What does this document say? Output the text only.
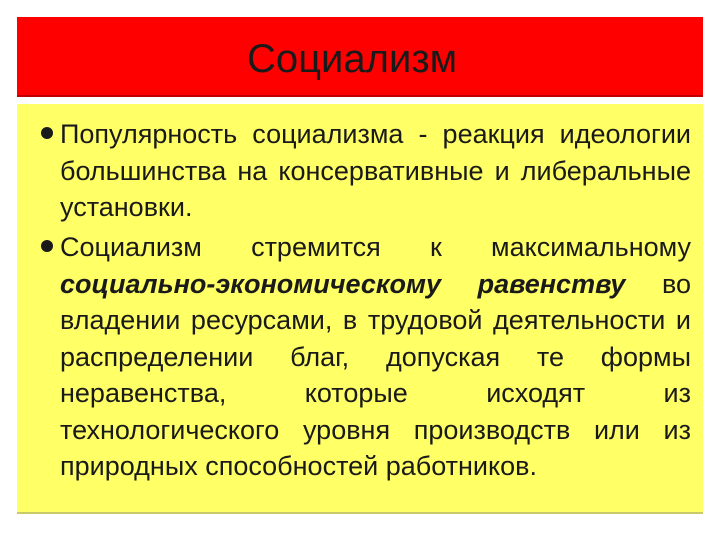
Социализм
Популярность социализма - реакция идеологии большинства на консервативные и либеральные установки.
Социализм стремится к максимальному социально-экономическому равенству во владении ресурсами, в трудовой деятельности и распределении благ, допуская те формы неравенства, которые исходят из технологического уровня производств или из природных способностей работников.
